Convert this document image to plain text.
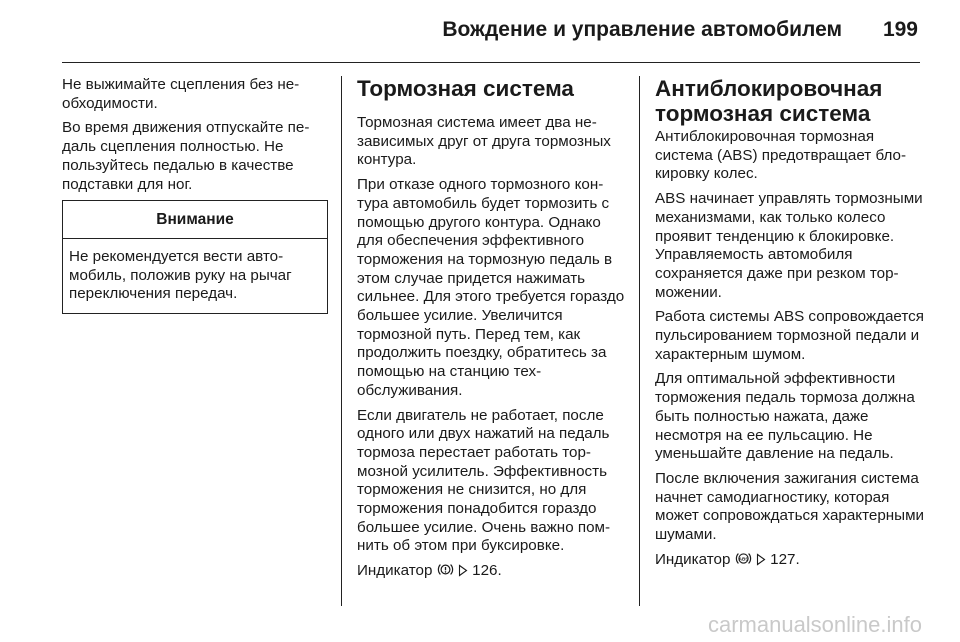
Вождение и управление автомобилем 199

Не выжимайте сцепления без необходимости.

Во время движения отпускайте педаль сцепления полностью. Не пользуйтесь педалью в качестве подставки для ног.

Внимание
Не рекомендуется вести автомобиль, положив руку на рычаг переключения передач.
Тормозная система

Тормозная система имеет два независимых друг от друга тормозных контура.

При отказе одного тормозного контура автомобиль будет тормозить с помощью другого контура. Однако для обеспечения эффективного торможения на тормозную педаль в этом случае придется нажимать сильнее. Для этого требуется гораздо большее усилие. Увеличится тормозной путь. Перед тем, как продолжить поездку, обратитесь за помощью на станцию техобслуживания.

Если двигатель не работает, после одного или двух нажатий на педаль тормоза перестает работать тормозной усилитель. Эффективность торможения не снизится, но для торможения понадобится гораздо большее усилие. Очень важно помнить об этом при буксировке.

Индикатор	126.

Антиблокировочная тормозная система

Антиблокировочная тормозная система (ABS) предотвращает блокировку колес.

ABS начинает управлять тормозными механизмами, как только колесо проявит тенденцию к блокировке. Управляемость автомобиля сохраняется даже при резком торможении.

Работа системы ABS сопровождается пульсированием тормозной педали и характерным шумом.

Для оптимальной эффективности торможения педаль тормоза должна быть полностью нажата, даже несмотря на ее пульсацию. Не уменьшайте давление на педаль.

После включения зажигания система начнет самодиагностику, которая может сопровождаться характерными шумами.

Индикатор ABS 127.

carmanualsonline.info
